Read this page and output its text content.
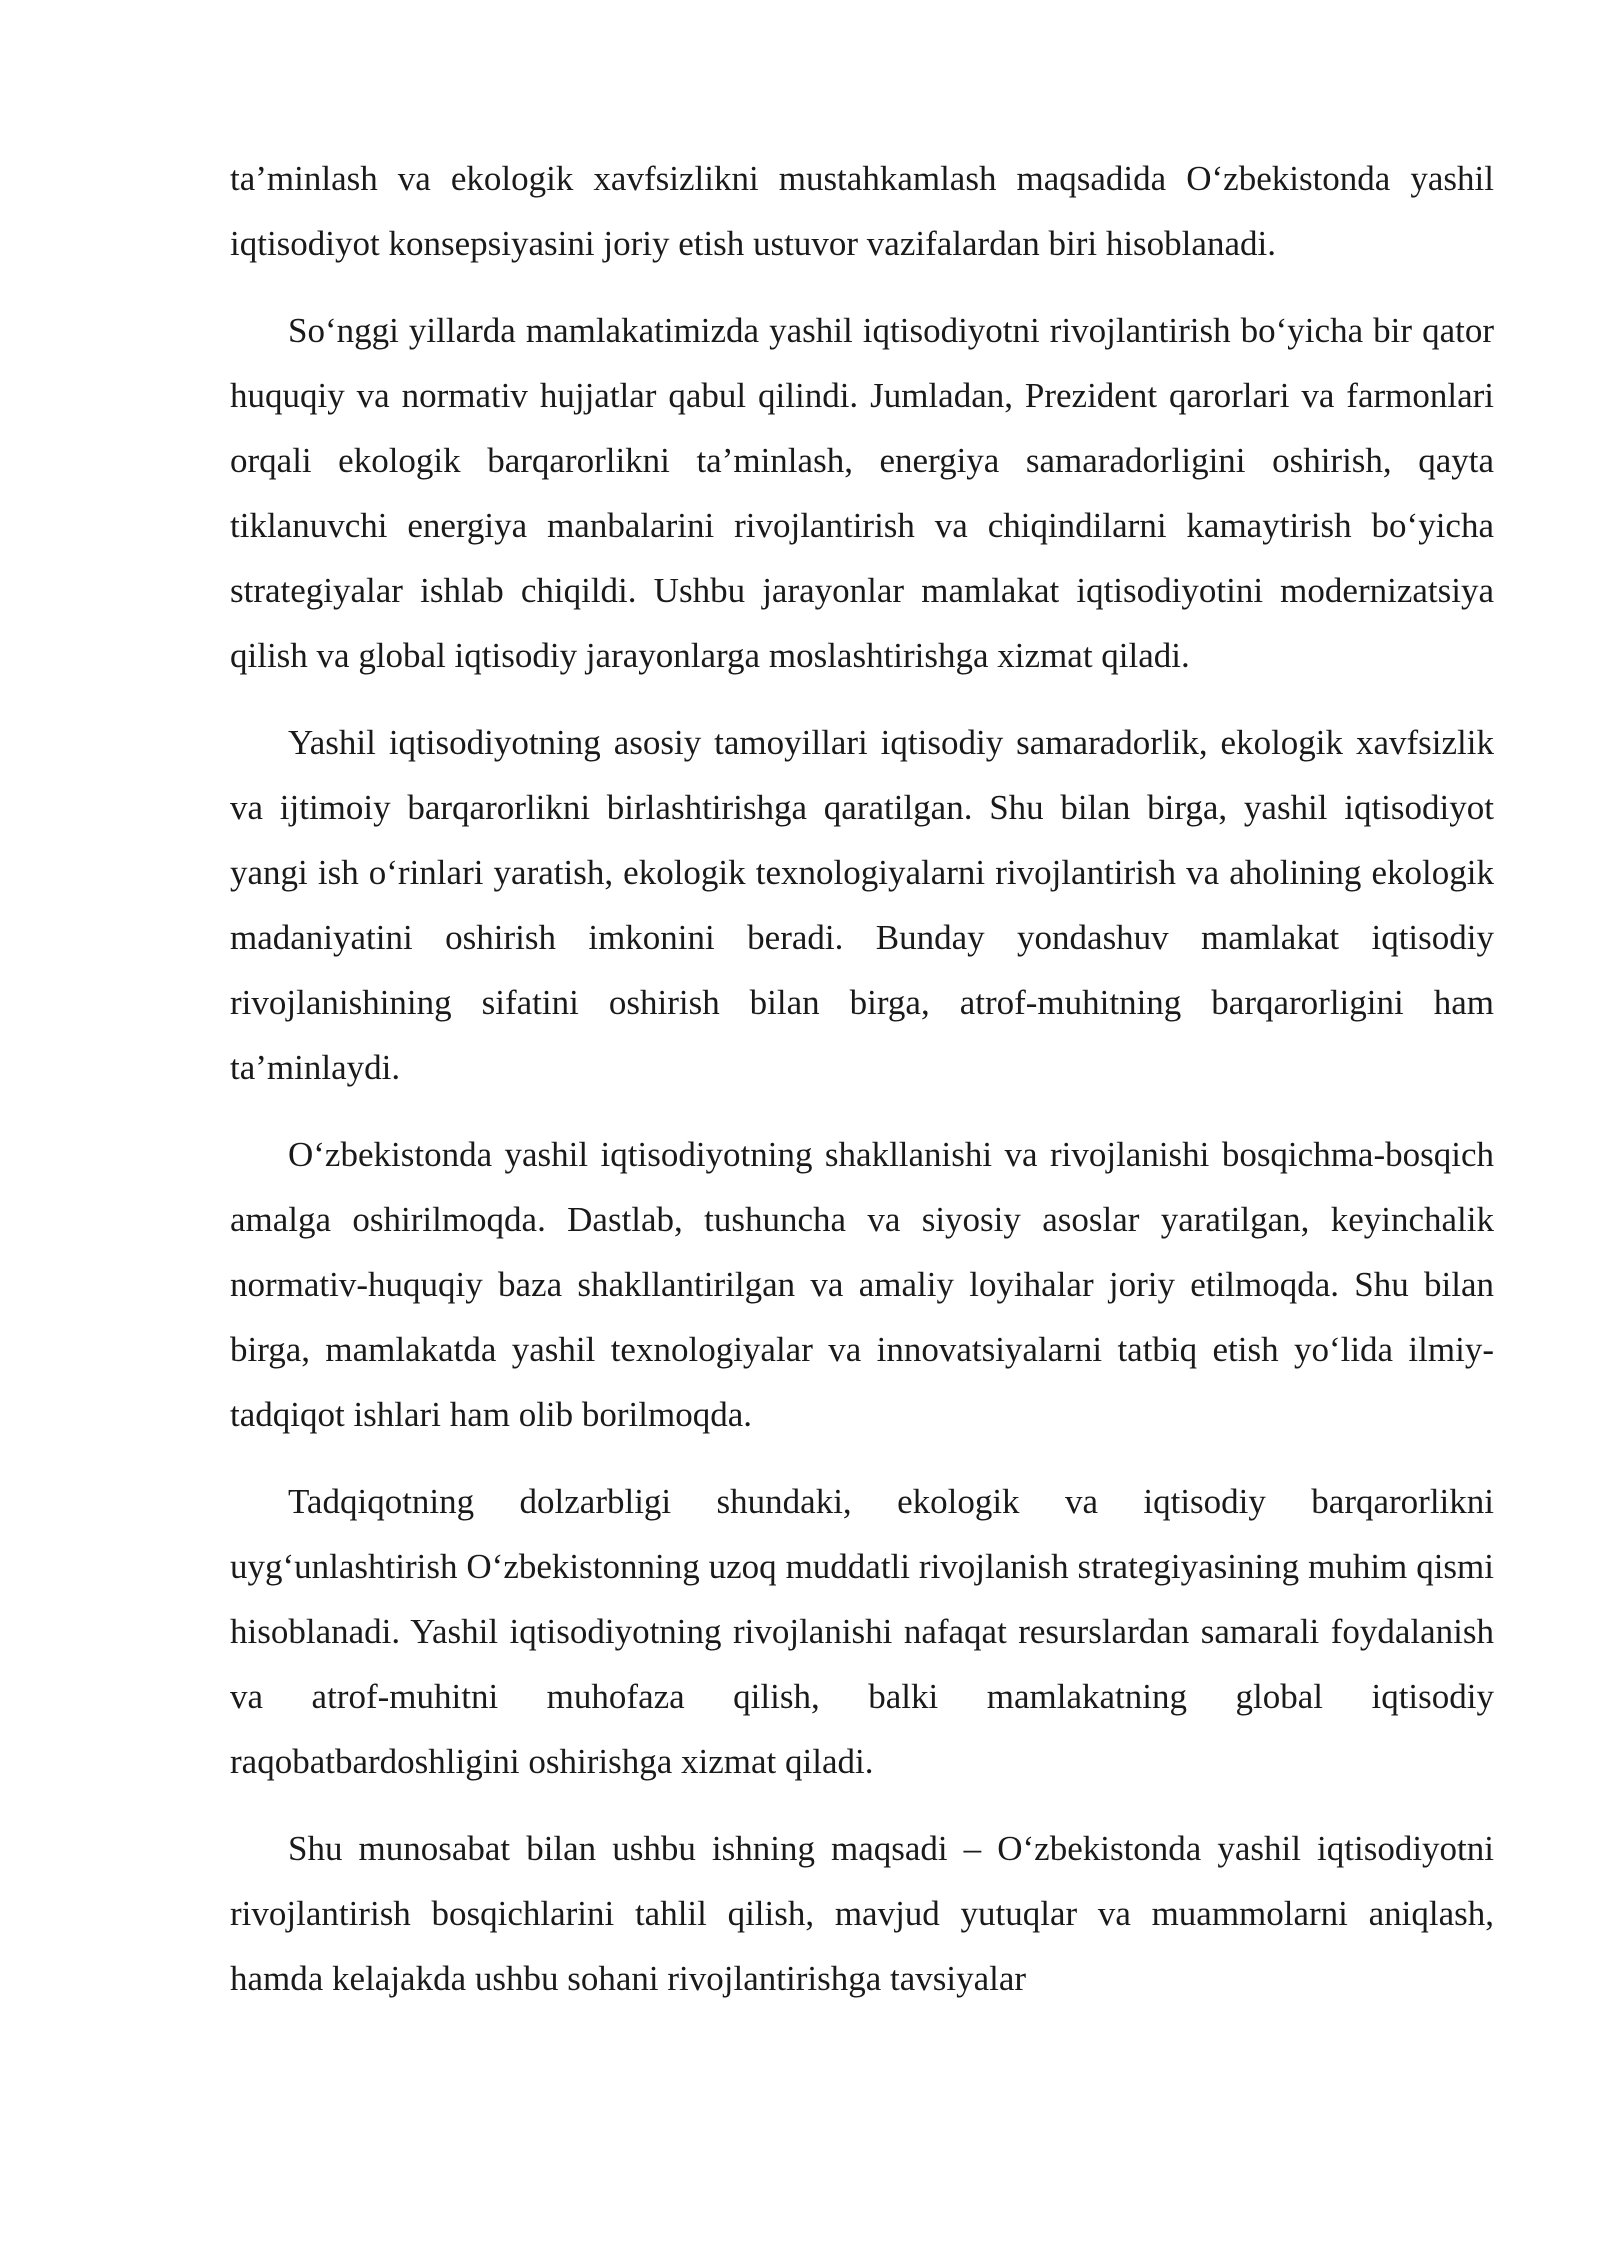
ta’minlash va ekologik xavfsizlikni mustahkamlash maqsadida O‘zbekistonda yashil iqtisodiyot konsepsiyasini joriy etish ustuvor vazifalardan biri hisoblanadi.

So‘nggi yillarda mamlakatimizda yashil iqtisodiyotni rivojlantirish bo‘yicha bir qator huquqiy va normativ hujjatlar qabul qilindi. Jumladan, Prezident qarorlari va farmonlari orqali ekologik barqarorlikni ta’minlash, energiya samaradorligini oshirish, qayta tiklanuvchi energiya manbalarini rivojlantirish va chiqindilarni kamaytirish bo‘yicha strategiyalar ishlab chiqildi. Ushbu jarayonlar mamlakat iqtisodiyotini modernizatsiya qilish va global iqtisodiy jarayonlarga moslashtirishga xizmat qiladi.

Yashil iqtisodiyotning asosiy tamoyillari iqtisodiy samaradorlik, ekologik xavfsizlik va ijtimoiy barqarorlikni birlashtirishga qaratilgan. Shu bilan birga, yashil iqtisodiyot yangi ish o‘rinlari yaratish, ekologik texnologiyalarni rivojlantirish va aholining ekologik madaniyatini oshirish imkonini beradi. Bunday yondashuv mamlakat iqtisodiy rivojlanishining sifatini oshirish bilan birga, atrof-muhitning barqarorligini ham ta’minlaydi.

O‘zbekistonda yashil iqtisodiyotning shakllanishi va rivojlanishi bosqichma-bosqich amalga oshirilmoqda. Dastlab, tushuncha va siyosiy asoslar yaratilgan, keyinchalik normativ-huquqiy baza shakllantirilgan va amaliy loyihalar joriy etilmoqda. Shu bilan birga, mamlakatda yashil texnologiyalar va innovatsiyalarni tatbiq etish yo‘lida ilmiy-tadqiqot ishlari ham olib borilmoqda.

Tadqiqotning dolzarbligi shundaki, ekologik va iqtisodiy barqarorlikni uyg‘unlashtirish O‘zbekistonning uzoq muddatli rivojlanish strategiyasining muhim qismi hisoblanadi. Yashil iqtisodiyotning rivojlanishi nafaqat resurslardan samarali foydalanish va atrof-muhitni muhofaza qilish, balki mamlakatning global iqtisodiy raqobatbardoshligini oshirishga xizmat qiladi.

Shu munosabat bilan ushbu ishning maqsadi – O‘zbekistonda yashil iqtisodiyotni rivojlantirish bosqichlarini tahlil qilish, mavjud yutuqlar va muammolarni aniqlash, hamda kelajakda ushbu sohani rivojlantirishga tavsiyalar
